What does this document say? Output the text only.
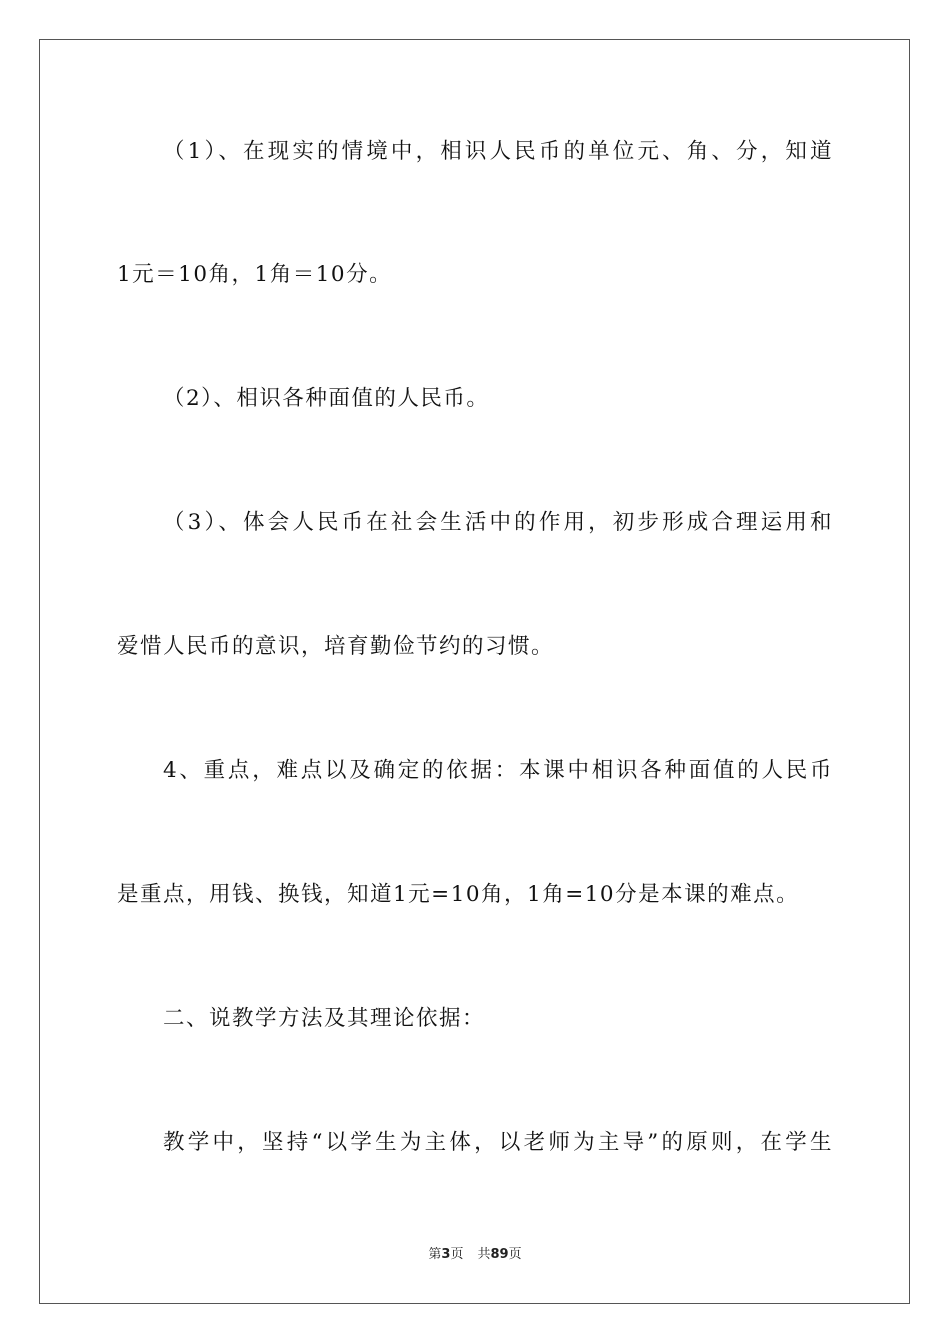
（1）、在现实的情境中，相识人民币的单位元、角、分，知道
1元＝10角，1角＝10分。
（2）、相识各种面值的人民币。
（3）、体会人民币在社会生活中的作用，初步形成合理运用和
爱惜人民币的意识，培育勤俭节约的习惯。
4、重点，难点以及确定的依据：本课中相识各种面值的人民币
是重点，用钱、换钱，知道1元=10角，1角=10分是本课的难点。
二、说教学方法及其理论依据：
教学中，坚持“以学生为主体，以老师为主导”的原则，在学生
第3页 共89页
